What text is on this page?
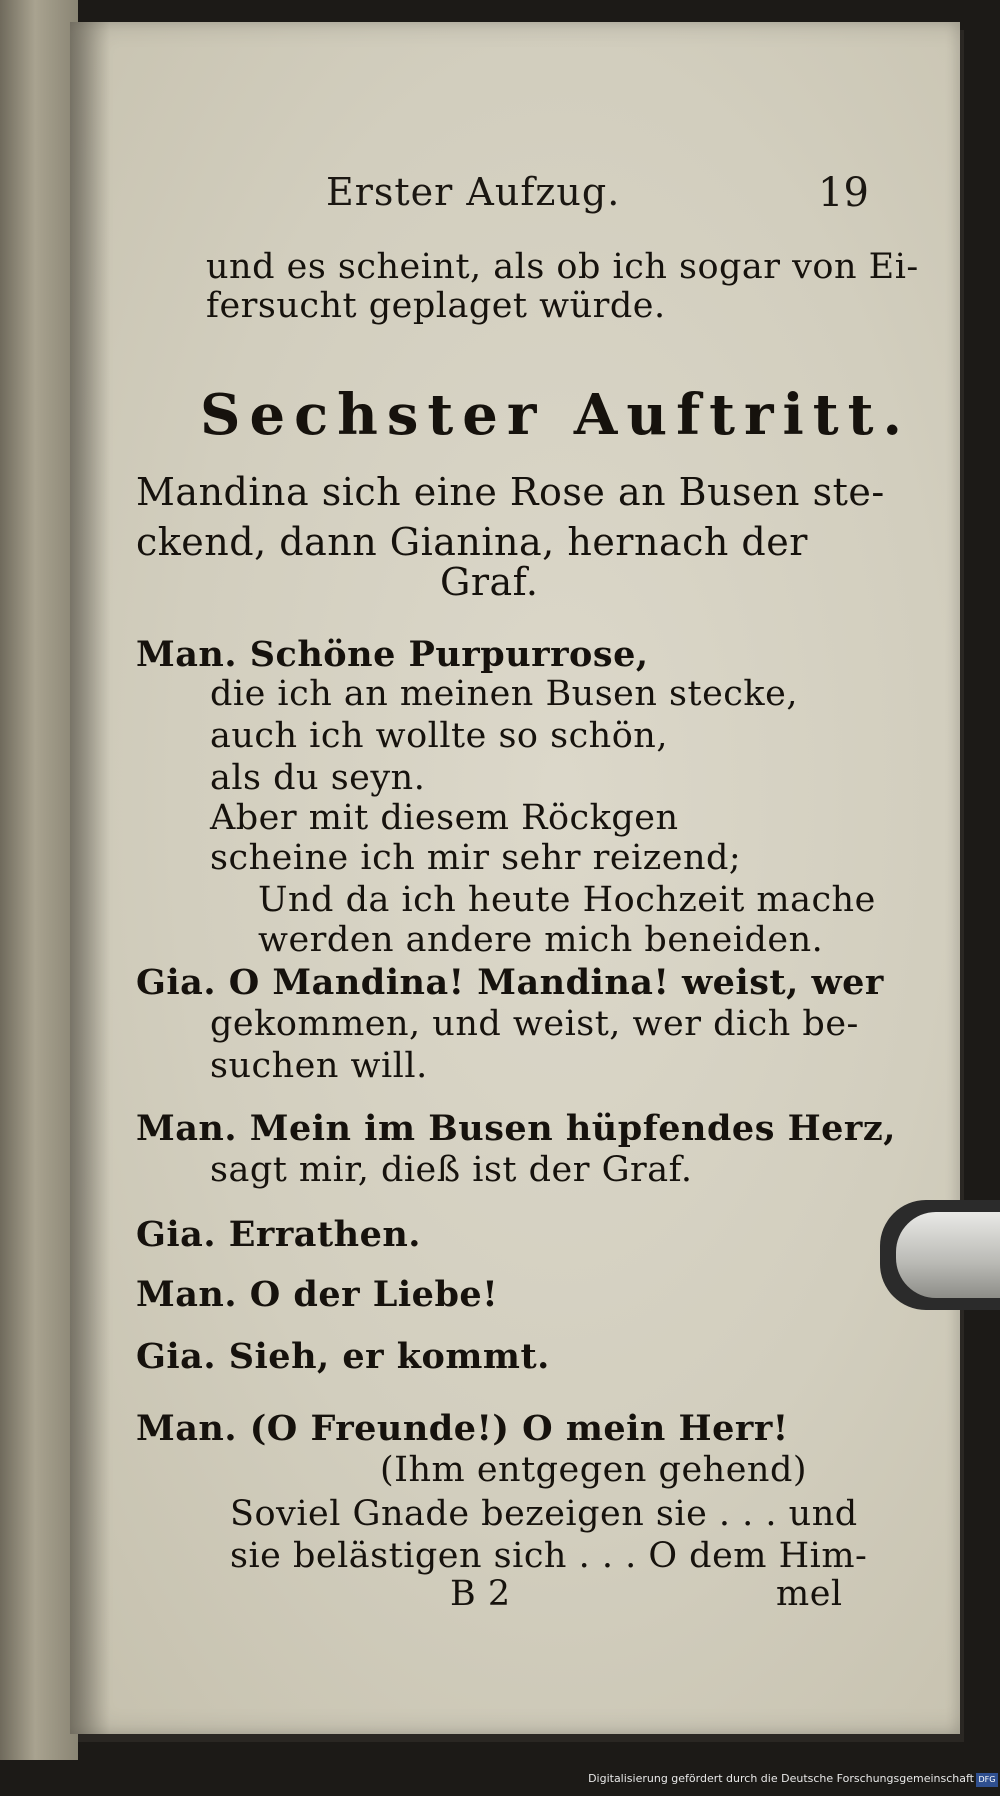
Erster Aufzug.	19
und es scheint, als ob ich sogar von Ei-
fersucht geplaget würde.
Sechster Auftritt.
Mandina sich eine Rose an Busen ste-
ckend, dann Gianina, hernach der
Graf.
Man. Schöne Purpurrose,
die ich an meinen Busen stecke,
auch ich wollte so schön,
als du seyn.
Aber mit diesem Röckgen
scheine ich mir sehr reizend;
Und da ich heute Hochzeit mache
werden andere mich beneiden.
Gia. O Mandina! Mandina! weist, wer
gekommen, und weist, wer dich be-
suchen will.
Man. Mein im Busen hüpfendes Herz,
sagt mir, dieß ist der Graf.
Gia. Errathen.
Man. O der Liebe!
Gia. Sieh, er kommt.
Man. (O Freunde!) O mein Herr!
(Ihm entgegen gehend)
Soviel Gnade bezeigen sie . . . und
sie belästigen sich . . . O dem Him-
B 2	mel
Digitalisierung gefördert durch die Deutsche Forschungsgemeinschaft DFG
